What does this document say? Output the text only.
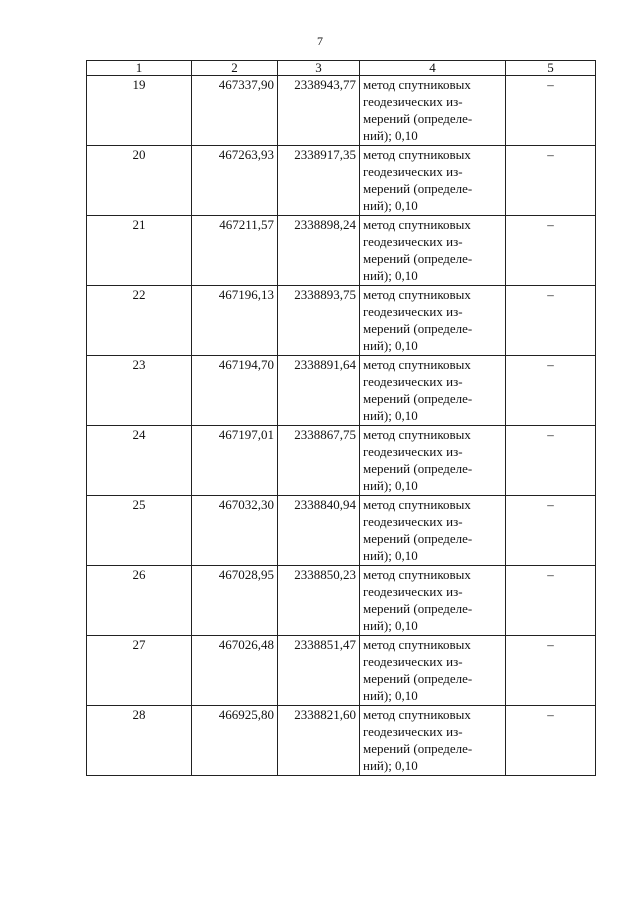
7
1	2	3	4	5
19	467337,90	2338943,77	метод спутниковых
геодезических из-
мерений (определе-
ний); 0,10	–
20	467263,93	2338917,35	метод спутниковых
геодезических из-
мерений (определе-
ний); 0,10	–
21	467211,57	2338898,24	метод спутниковых
геодезических из-
мерений (определе-
ний); 0,10	–
22	467196,13	2338893,75	метод спутниковых
геодезических из-
мерений (определе-
ний); 0,10	–
23	467194,70	2338891,64	метод спутниковых
геодезических из-
мерений (определе-
ний); 0,10	–
24	467197,01	2338867,75	метод спутниковых
геодезических из-
мерений (определе-
ний); 0,10	–
25	467032,30	2338840,94	метод спутниковых
геодезических из-
мерений (определе-
ний); 0,10	–
26	467028,95	2338850,23	метод спутниковых
геодезических из-
мерений (определе-
ний); 0,10	–
27	467026,48	2338851,47	метод спутниковых
геодезических из-
мерений (определе-
ний); 0,10	–
28	466925,80	2338821,60	метод спутниковых
геодезических из-
мерений (определе-
ний); 0,10	–
